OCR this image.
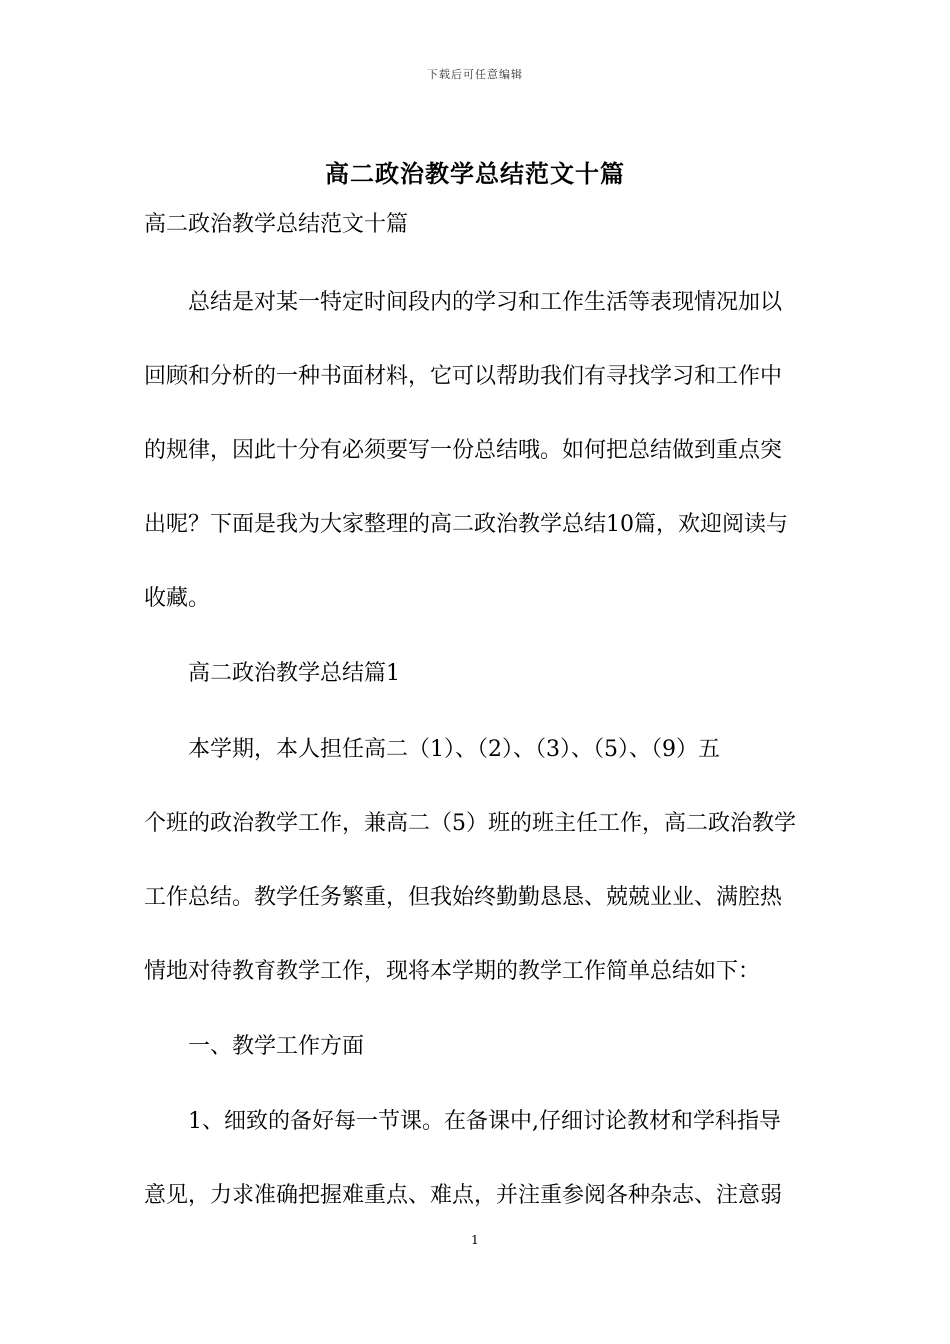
下载后可任意编辑
高二政治教学总结范文十篇

高二政治教学总结范文十篇

总结是对某一特定时间段内的学习和工作生活等表现情况加以

回顾和分析的一种书面材料，它可以帮助我们有寻找学习和工作中

的规律，因此十分有必须要写一份总结哦。如何把总结做到重点突

出呢？下面是我为大家整理的高二政治教学总结10篇，欢迎阅读与

收藏。

高二政治教学总结篇1

本学期，本人担任高二（1）、（2）、（3）、（5）、（9）五

个班的政治教学工作，兼高二（5）班的班主任工作，高二政治教学

工作总结。教学任务繁重，但我始终勤勤恳恳、兢兢业业、满腔热

情地对待教育教学工作，现将本学期的教学工作简单总结如下：

一、教学工作方面

1、细致的备好每一节课。在备课中,仔细讨论教材和学科指导

意见，力求准确把握难重点、难点，并注重参阅各种杂志、注意弱

1
